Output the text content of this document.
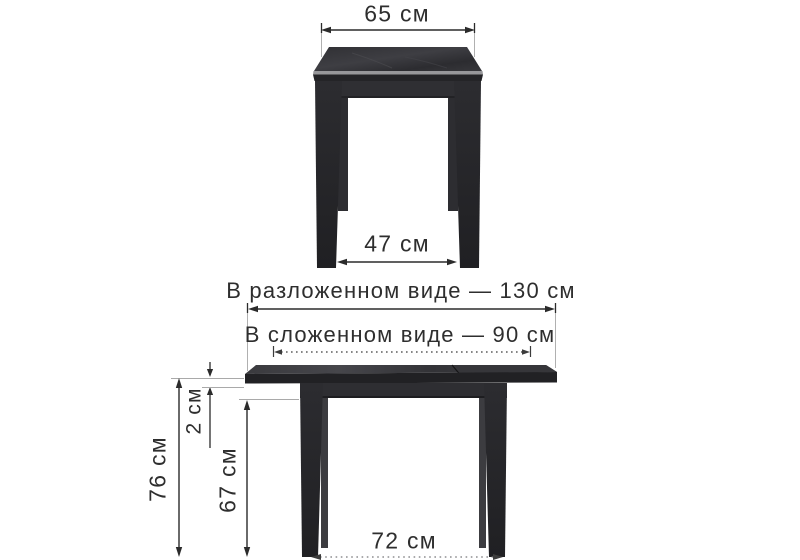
65 см
47 см
В разложенном виде — 130 см
В сложенном виде — 90 см
76 см
2 см
67 см
72 см
